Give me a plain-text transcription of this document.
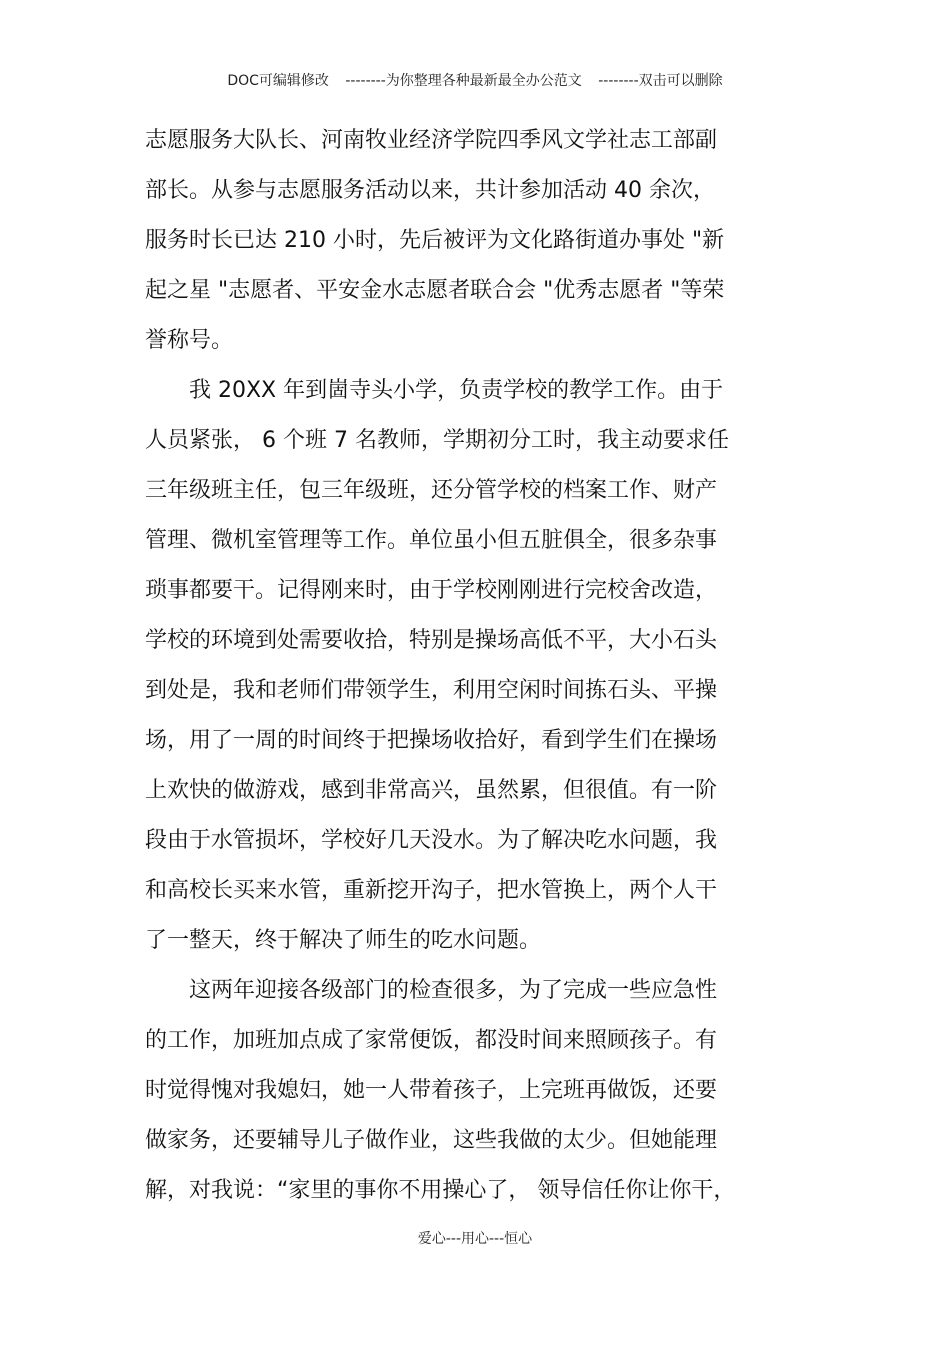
DOC可编辑修改 --------为你整理各种最新最全办公范文 --------双击可以删除
志愿服务大队长、河南牧业经济学院四季风文学社志工部副
部长。从参与志愿服务活动以来，共计参加活动 40 余次，
服务时长已达 210 小时，先后被评为文化路街道办事处 "新
起之星 "志愿者、平安金水志愿者联合会 "优秀志愿者 "等荣
誉称号。
　　我 20XX 年到崮寺头小学，负责学校的教学工作。由于
人员紧张， 6 个班 7 名教师，学期初分工时，我主动要求任
三年级班主任，包三年级班，还分管学校的档案工作、财产
管理、微机室管理等工作。单位虽小但五脏俱全，很多杂事
琐事都要干。记得刚来时，由于学校刚刚进行完校舍改造，
学校的环境到处需要收拾，特别是操场高低不平，大小石头
到处是，我和老师们带领学生，利用空闲时间拣石头、平操
场，用了一周的时间终于把操场收拾好，看到学生们在操场
上欢快的做游戏，感到非常高兴，虽然累，但很值。有一阶
段由于水管损坏，学校好几天没水。为了解决吃水问题，我
和高校长买来水管，重新挖开沟子，把水管换上，两个人干
了一整天，终于解决了师生的吃水问题。
　　这两年迎接各级部门的检查很多，为了完成一些应急性
的工作，加班加点成了家常便饭，都没时间来照顾孩子。有
时觉得愧对我媳妇，她一人带着孩子，上完班再做饭，还要
做家务，还要辅导儿子做作业，这些我做的太少。但她能理
解，对我说：“家里的事你不用操心了， 领导信任你让你干，
爱心---用心---恒心
